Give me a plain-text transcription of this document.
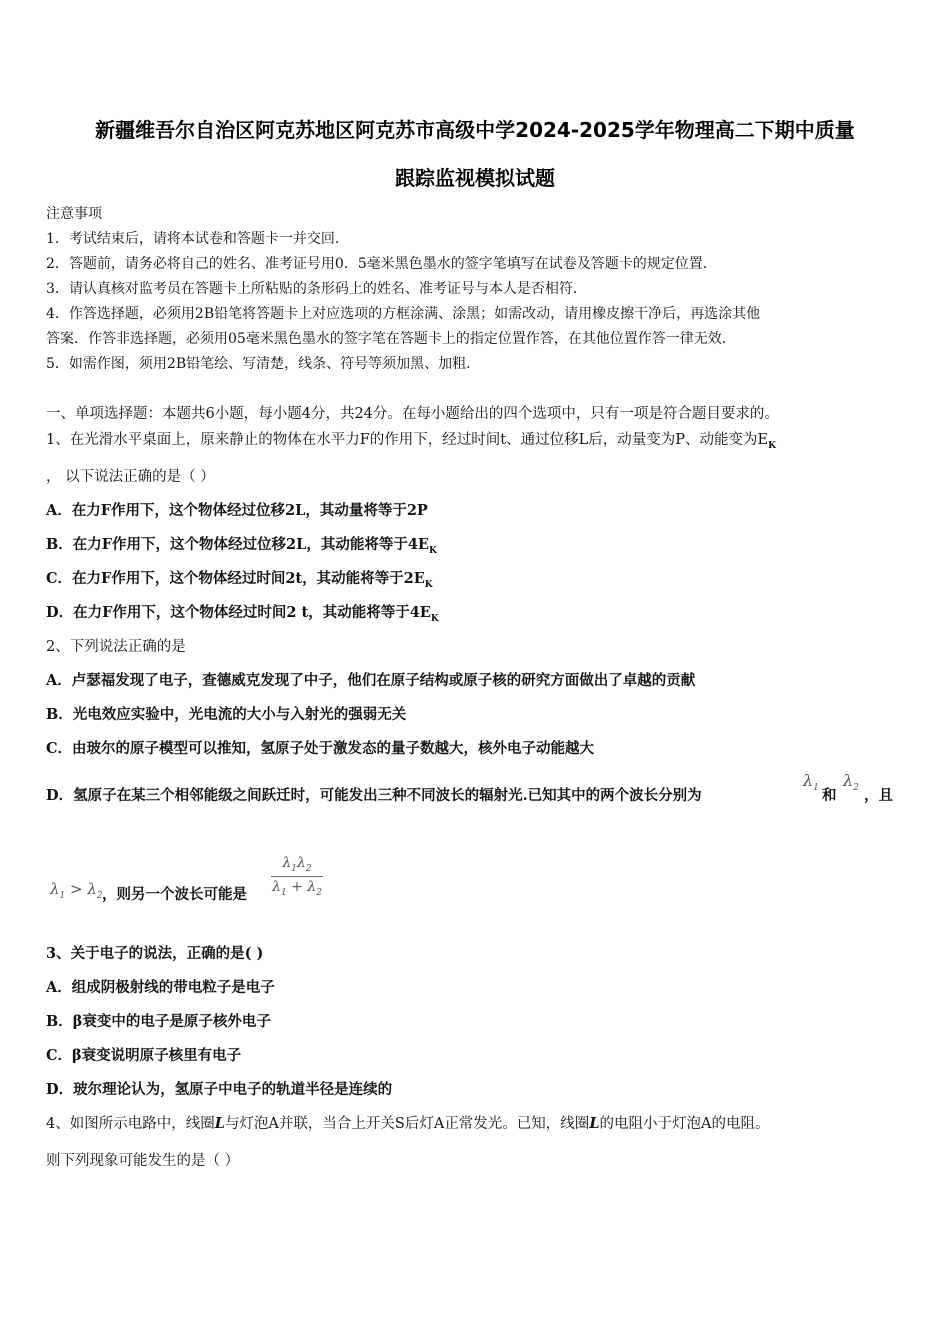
新疆维吾尔自治区阿克苏地区阿克苏市高级中学2024-2025学年物理高二下期中质量
跟踪监视模拟试题
注意事项
1．考试结束后，请将本试卷和答题卡一并交回．
2．答题前，请务必将自己的姓名、准考证号用0．5毫米黑色墨水的签字笔填写在试卷及答题卡的规定位置．
3．请认真核对监考员在答题卡上所粘贴的条形码上的姓名、准考证号与本人是否相符．
4．作答选择题，必须用2B铅笔将答题卡上对应选项的方框涂满、涂黑；如需改动，请用橡皮擦干净后，再选涂其他
答案．作答非选择题，必须用05毫米黑色墨水的签字笔在答题卡上的指定位置作答，在其他位置作答一律无效．
5．如需作图，须用2B铅笔绘、写清楚，线条、符号等须加黑、加粗．
一、单项选择题：本题共6小题，每小题4分，共24分。在每小题给出的四个选项中，只有一项是符合题目要求的。
1、在光滑水平桌面上，原来静止的物体在水平力F的作用下，经过时间t、通过位移L后，动量变为P、动能变为$E_K$
， 以下说法正确的是（ ）
A．在力F作用下，这个物体经过位移2L，其动量将等于2P
B．在力F作用下，这个物体经过位移2L，其动能将等于$4E_K$
C．在力F作用下，这个物体经过时间2t，其动能将等于$2E_K$
D．在力F作用下，这个物体经过时间2 t，其动能将等于$4E_K$
2、下列说法正确的是
A．卢瑟福发现了电子，查德威克发现了中子，他们在原子结构或原子核的研究方面做出了卓越的贡献
B．光电效应实验中，光电流的大小与入射光的强弱无关
C．由玻尔的原子模型可以推知，氢原子处于激发态的量子数越大，核外电子动能越大
D．氢原子在某三个相邻能级之间跃迁时，可能发出三种不同波长的辐射光.已知其中的两个波长分别为
$\lambda_1$ 和
$\lambda_2$ ，且
$\lambda_1 > \lambda_2$ ，则另一个波长可能是
$\lambda_1\lambda_2$
$\lambda_1 + \lambda_2$
3、关于电子的说法，正确的是( )
A．组成阴极射线的带电粒子是电子
B．β衰变中的电子是原子核外电子
C．β衰变说明原子核里有电子
D．玻尔理论认为，氢原子中电子的轨道半径是连续的
4、如图所示电路中，线圈L与灯泡A并联，当合上开关S后灯A正常发光。已知，线圈L的电阻小于灯泡A的电阻。
则下列现象可能发生的是（ ）
